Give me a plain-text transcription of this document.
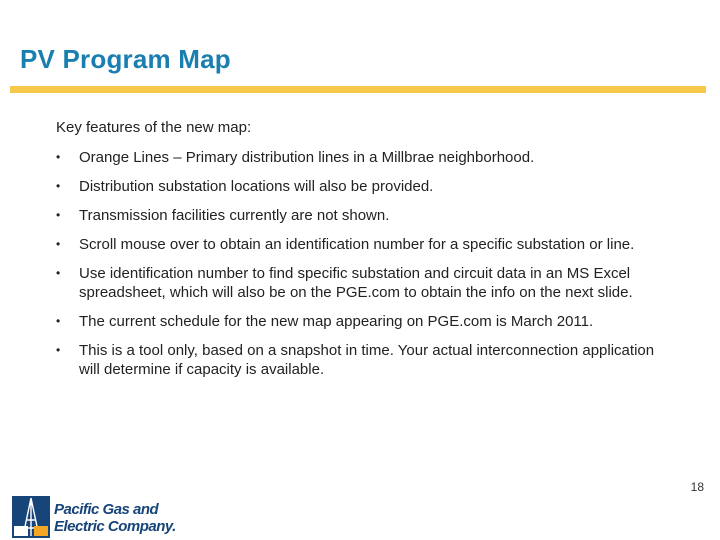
PV Program Map

Key features of the new map:

• Orange Lines – Primary distribution lines in a Millbrae neighborhood.
• Distribution substation locations will also be provided.
• Transmission facilities currently are not shown.
• Scroll mouse over to obtain an identification number for a specific substation or line.
• Use identification number to find specific substation and circuit data in an MS Excel spreadsheet, which will also be on the PGE.com to obtain the info on the next slide.
• The current schedule for the new map appearing on PGE.com is March 2011.
• This is a tool only, based on a snapshot in time. Your actual interconnection application will determine if capacity is available.
Pacific Gas and
Electric Company.
18
